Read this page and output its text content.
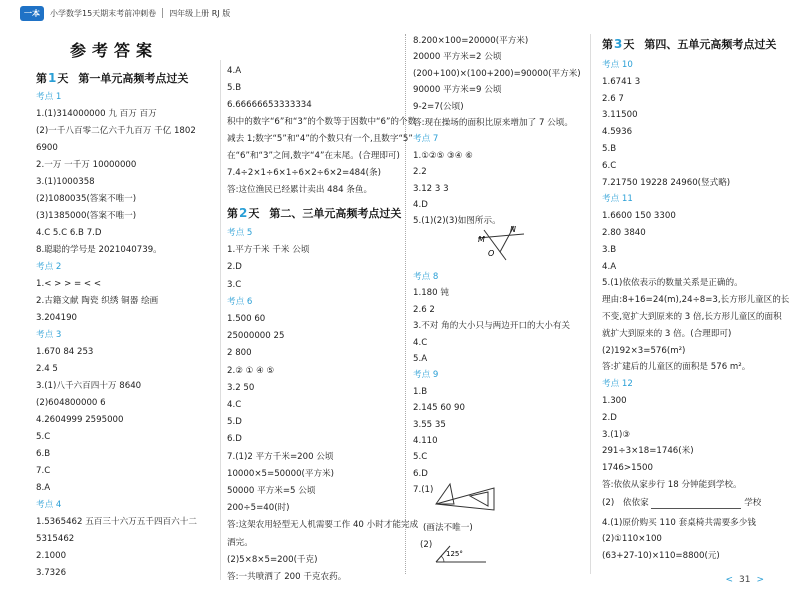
一本	小学数学15天期末考前冲刺卷 四年级上册 RJ 版
参考答案
第 1 天 第一单元高频考点过关
考点 1
1.(1)314000000 九 百万 百万
(2)一千八百零二亿六千九百万 千亿 1802
6900
2.一万 一千万 10000000
3.(1)1000358
(2)1080035(答案不唯一)
(3)1385000(答案不唯一)
4.C 5.C 6.B 7.D
8.聪聪的学号是 2021040739。
考点 2
1.< > > = < <
2.古籍文献 陶瓷 织绣 铜器 绘画
3.204190
考点 3
1.670 84 253
2.4 5
3.(1)八千六百四十万 8640
(2)604800000 6
4.2604999 2595000
5.C
6.B
7.C
8.A
考点 4
1.5365462 五百三十六万五千四百六十二
5315462
2.1000
3.7326
4.A
5.B
6.66666653333334
积中的数字“6”和“3”的个数等于因数中“6”的个数
减去 1;数字“5”和“4”的个数只有一个,且数字“5”
在“6”和“3”之间,数字“4”在末尾。(合理即可)
7.4÷2×1÷6×1÷6×2÷6×2=484(条)
答:这位渔民已经累计卖出 484 条鱼。
第 2 天 第二、三单元高频考点过关
考点 5
1.平方千米 千米 公顷
2.D
3.C
考点 6
1.500 60
25000000 25
2 800
2.② ① ④ ⑤
3.2 50
4.C
5.D
6.D
7.(1)2 平方千米=200 公顷
10000×5=50000(平方米)
50000 平方米=5 公顷
200÷5=40(时)
答:这架农用轻型无人机需要工作 40 小时才能完成
洒完。
(2)5×8×5=200(千克)
答:一共喷洒了 200 千克农药。
8.200×100=20000(平方米)
20000 平方米=2 公顷
(200+100)×(100+200)=90000(平方米)
90000 平方米=9 公顷
9-2=7(公顷)
答:现在操场的面积比原来增加了 7 公顷。
考点 7
1.①②⑤ ③④ ⑥
2.2
3.12 3 3
4.D
5.(1)(2)(3)如图所示。
M
N
O
考点 8
1.180 钝
2.6 2
3.不对 角的大小只与两边开口的大小有关
4.C
5.A
考点 9
1.B
2.145 60 90
3.55 35
4.110
5.C
6.D
7.(1)
(画法不唯一)
(2)
125°
第 3 天 第四、五单元高频考点过关
考点 10
1.6741 3
2.6 7
3.11500
4.5936
5.B
6.C
7.21750 19228 24960(竖式略)
考点 11
1.6600 150 3300
2.80 3840
3.B
4.A
5.(1)依依表示的数量关系是正确的。
理由:8+16=24(m),24÷8=3,长方形儿童区的长
不变,宽扩大到原来的 3 倍,长方形儿童区的面积
就扩大到原来的 3 倍。(合理即可)
(2)192×3=576(m²)
答:扩建后的儿童区的面积是 576 m²。
考点 12
1.300
2.D
3.(1)③
291÷3×18=1746(米)
1746>1500
答:依依从家步行 18 分钟能到学校。
(2) 依依家	学校
4.(1)原价购买 110 套桌椅共需要多少钱
(2)①110×100
(63+27-10)×110=8800(元)
< 31 >
